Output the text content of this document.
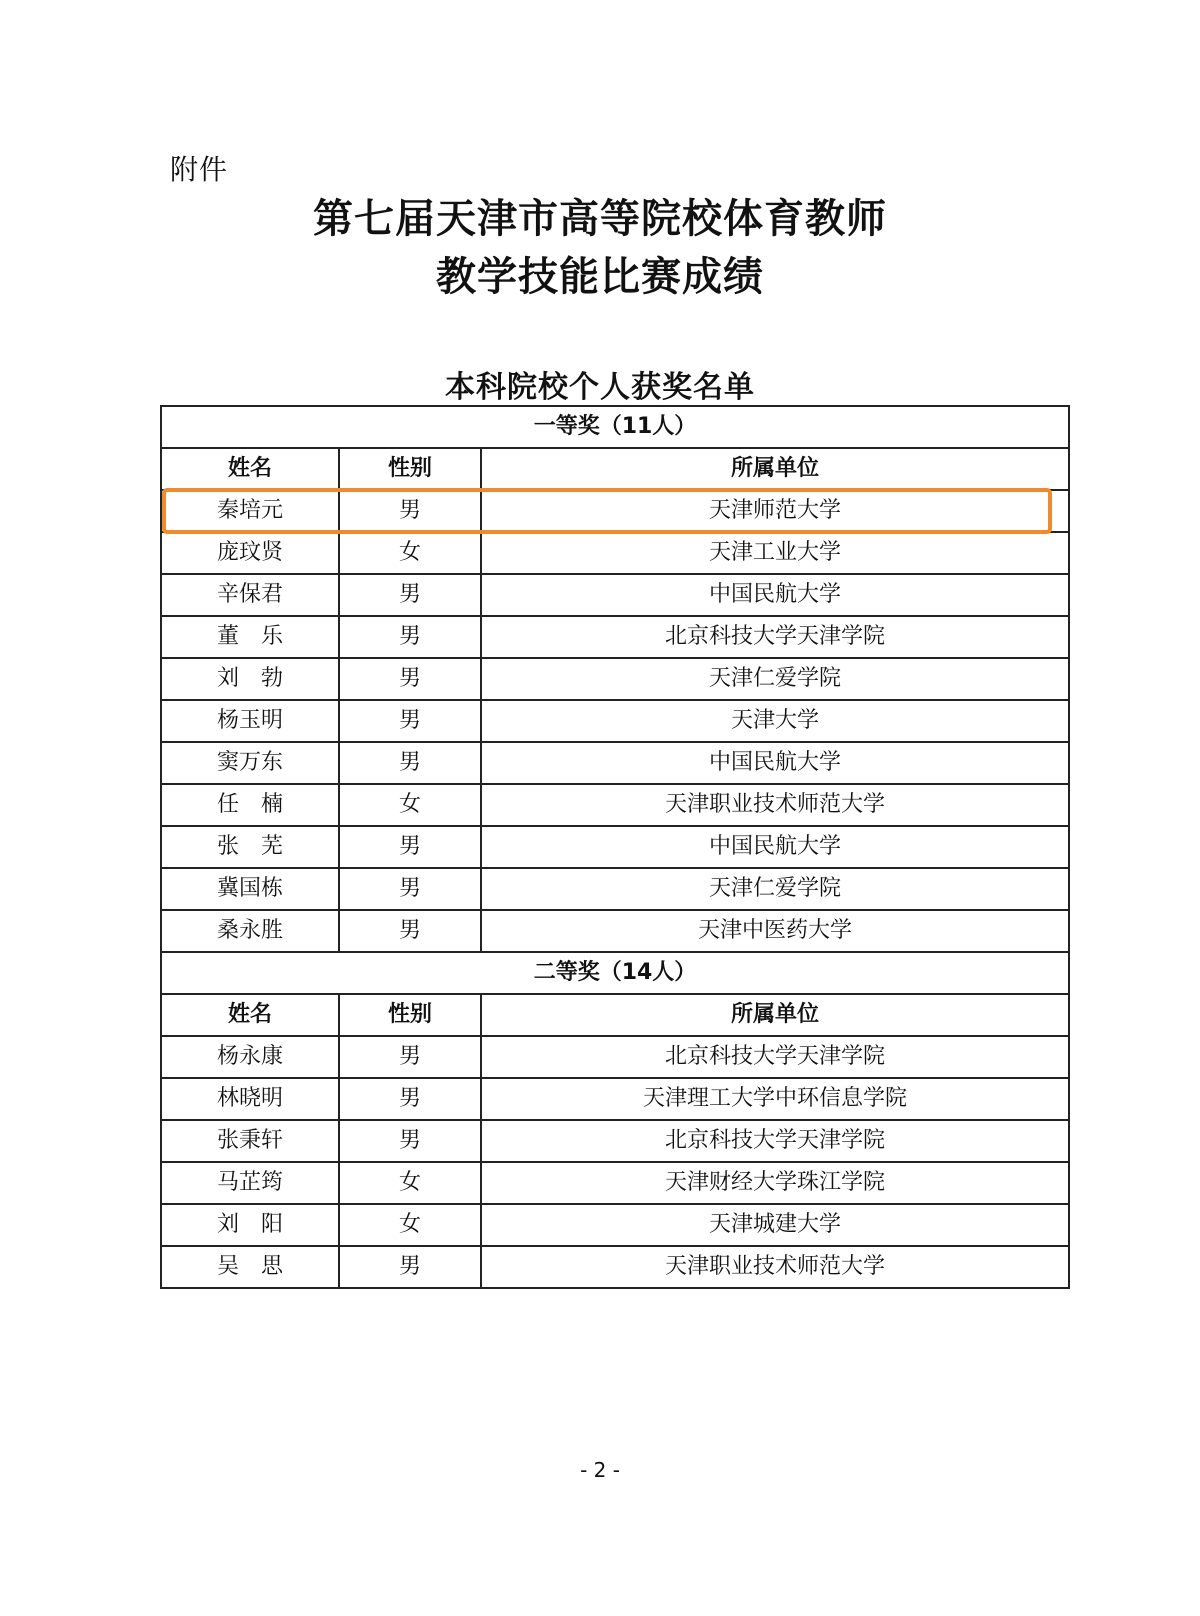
附件
第七届天津市高等院校体育教师
教学技能比赛成绩
本科院校个人获奖名单
一等奖（11人）		
姓名	性别	所属单位
秦培元	男	天津师范大学
庞玟贤	女	天津工业大学
辛保君	男	中国民航大学
董　乐	男	北京科技大学天津学院
刘　勃	男	天津仁爱学院
杨玉明	男	天津大学
窦万东	男	中国民航大学
任　楠	女	天津职业技术师范大学
张　芜	男	中国民航大学
冀国栋	男	天津仁爱学院
桑永胜	男	天津中医药大学
二等奖（14人）		
姓名	性别	所属单位
杨永康	男	北京科技大学天津学院
林晓明	男	天津理工大学中环信息学院
张秉轩	男	北京科技大学天津学院
马芷筠	女	天津财经大学珠江学院
刘　阳	女	天津城建大学
吴　思	男	天津职业技术师范大学
- 2 -
